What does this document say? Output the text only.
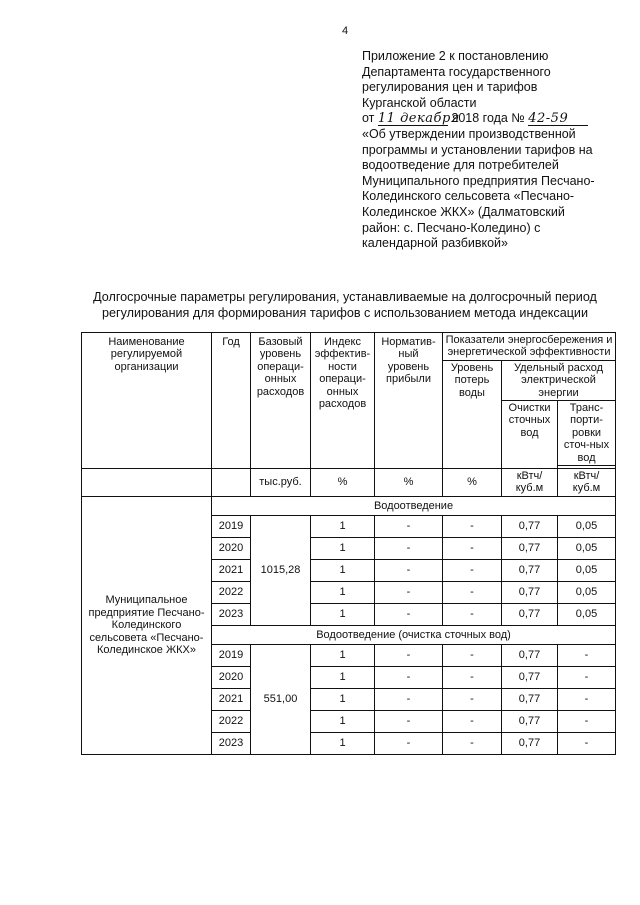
4
Приложение 2 к постановлению
Департамента государственного
регулирования цен и тарифов
Курганской области
от 11 декабря 2018 года № 42-59
«Об утверждении производственной
программы и установлении тарифов на
водоотведение для потребителей
Муниципального предприятия Песчано-
Колединского сельсовета «Песчано-
Колединское ЖКХ» (Далматовский
район: с. Песчано-Коледино) с
календарной разбивкой»
Долгосрочные параметры регулирования, устанавливаемые на долгосрочный период
регулирования для формирования тарифов с использованием метода индексации
Наименование регулируемой организации	Год	Базовый уровень операци-онных расходов	Индекс эффектив-ности операци-онных расходов	Норматив-ный уровень прибыли	Показатели энергосбережения и энергетической эффективности		
					Уровень потерь воды	Удельный расход электрической энергии	
						Очистки сточных вод	Транс-порти-ровки сточ-ных вод

		тыс.руб.	%	%	%	кВтч/ куб.м	кВтч/ куб.м
Муниципальное предприятие Песчано-Колединского сельсовета «Песчано-Колединское ЖКХ»	Водоотведение						
	2019	1015,28	1	-	-	0,77	0,05
	2020		1	-	-	0,77	0,05
	2021		1	-	-	0,77	0,05
	2022		1	-	-	0,77	0,05
	2023		1	-	-	0,77	0,05
	Водоотведение (очистка сточных вод)						
	2019	551,00	1	-	-	0,77	-
	2020		1	-	-	0,77	-
	2021		1	-	-	0,77	-
	2022		1	-	-	0,77	-
	2023		1	-	-	0,77	-
